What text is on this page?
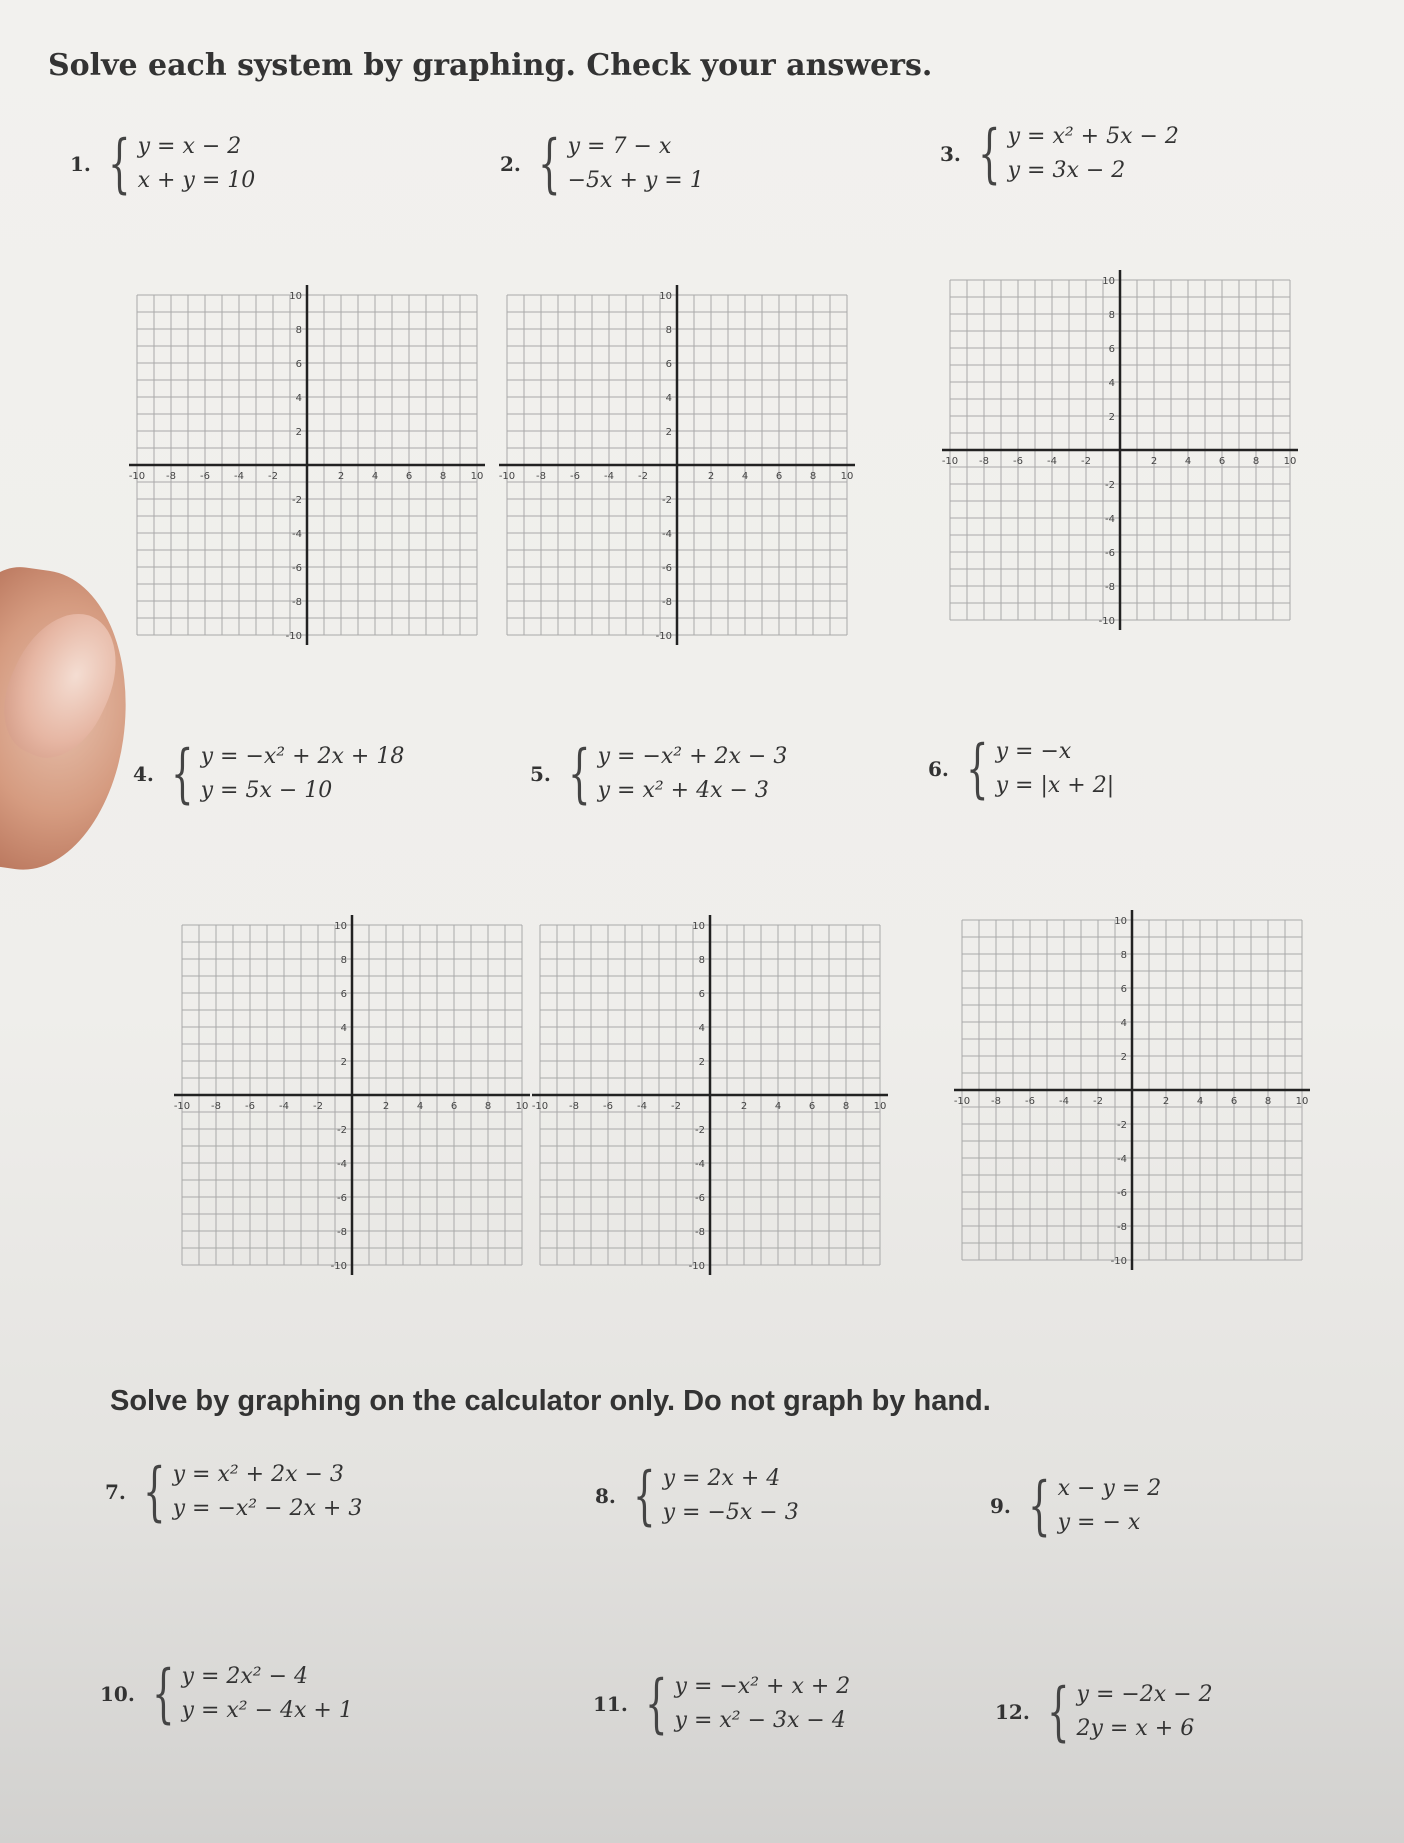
Solve each system by graphing. Check your answers.
1. { y = x − 2
x + y = 10
2. { y = 7 − x
−5x + y = 1
3. { y = x² + 5x − 2
y = 3x − 2
-10 -8 -6 -4 -2	2	4	6	8 10
10
8
6
4
2
-2
-4
-6
-8
-10
-10 -8 -6 -4 -2	2	4	6	8 10
10
8
6
4
2
-2
-4
-6
-8
-10
-10 -8 -6 -4 -2	2	4	6	8 10
10
8
6
4
2
-2
-4
-6
-8
-10
4. { y = −x² + 2x + 18
y = 5x − 10
5. { y = −x² + 2x − 3
y = x² + 4x − 3
6. { y = −x
y = |x + 2|
-10 -8 -6 -4 -2	2	4	6	8 10
10
8
6
4
2
-2
-4
-6
-8
-10
-10 -8 -6 -4 -2	2	4	6	8 10
10
8
6
4
2
-2
-4
-6
-8
-10
-10 -8 -6 -4 -2	2	4	6	8 10
10
8
6
4
2
-2
-4
-6
-8
-10
Solve by graphing on the calculator only. Do not graph by hand.
7. { y = x² + 2x − 3
y = −x² − 2x + 3	8. { y = 2x + 4
y = −5x − 3	9. { x − y = 2
y = − x
10. { y = 2x² − 4
y = x² − 4x + 1	11. { y = −x² + x + 2
y = x² − 3x − 4	12. { y = −2x − 2
2y = x + 6
